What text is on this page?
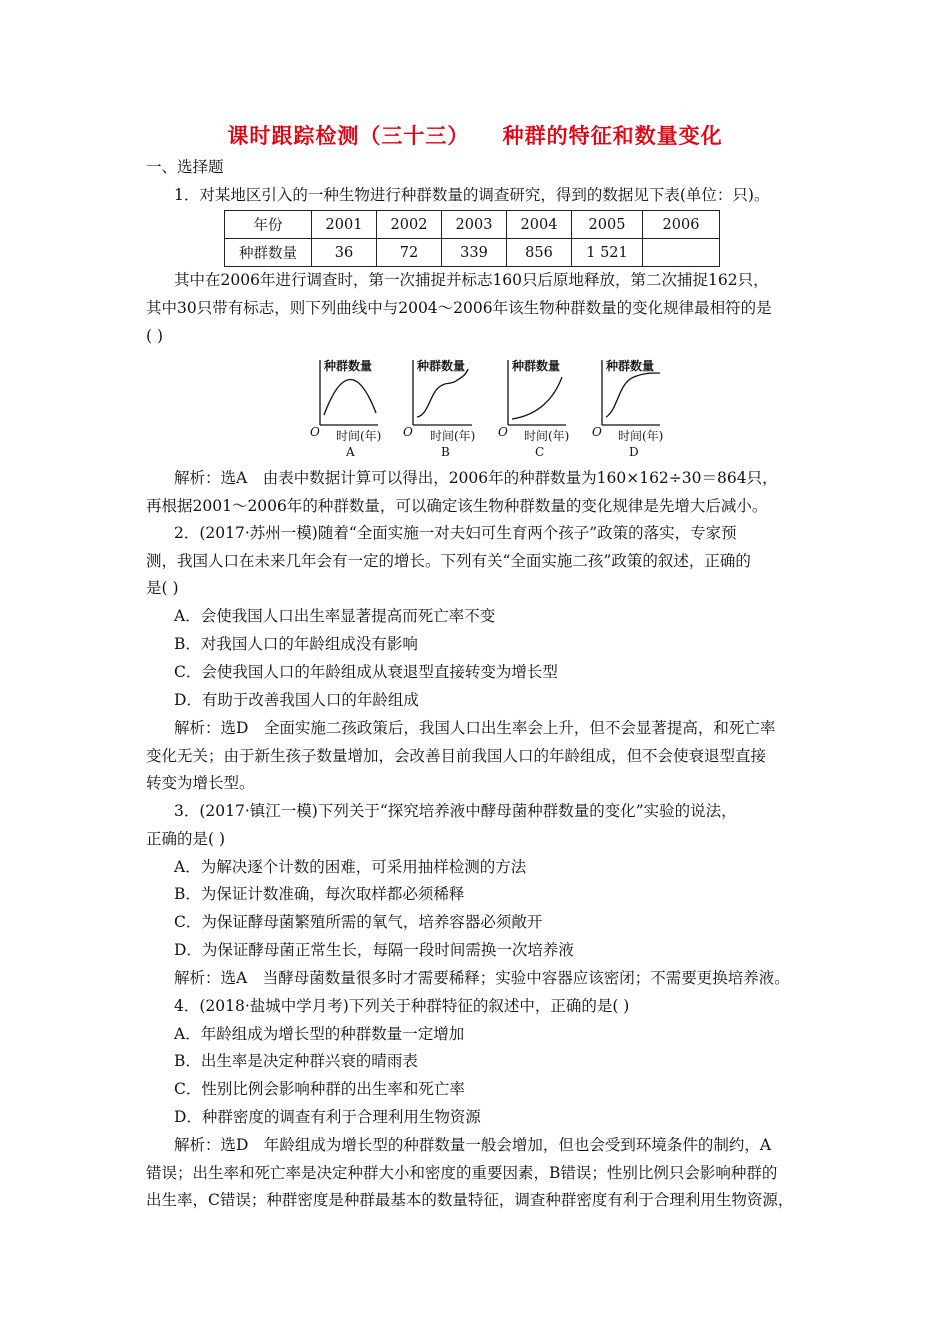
课时跟踪检测（三十三）    种群的特征和数量变化
一、选择题
1．对某地区引入的一种生物进行种群数量的调查研究，得到的数据见下表(单位：只)。
年份	2001	2002	2003	2004	2005	2006
种群数量	36	72	339	856	1 521	
其中在2006年进行调查时，第一次捕捉并标志160只后原地释放，第二次捕捉162只，
其中30只带有标志，则下列曲线中与2004～2006年该生物种群数量的变化规律最相符的是
( )
种群数量	种群数量	种群数量	种群数量
O	O	O	O
时间(年)	时间(年)	时间(年)	时间(年)
A	B	C	D
解析：选A　由表中数据计算可以得出，2006年的种群数量为160×162÷30＝864只，
再根据2001～2006年的种群数量，可以确定该生物种群数量的变化规律是先增大后减小。
2．(2017·苏州一模)随着“全面实施一对夫妇可生育两个孩子”政策的落实，专家预
测，我国人口在未来几年会有一定的增长。下列有关“全面实施二孩”政策的叙述，正确的
是( )
A．会使我国人口出生率显著提高而死亡率不变
B．对我国人口的年龄组成没有影响
C．会使我国人口的年龄组成从衰退型直接转变为增长型
D．有助于改善我国人口的年龄组成
解析：选D　全面实施二孩政策后，我国人口出生率会上升，但不会显著提高，和死亡率
变化无关；由于新生孩子数量增加，会改善目前我国人口的年龄组成，但不会使衰退型直接
转变为增长型。
3．(2017·镇江一模)下列关于“探究培养液中酵母菌种群数量的变化”实验的说法，
正确的是( )
A．为解决逐个计数的困难，可采用抽样检测的方法
B．为保证计数准确，每次取样都必须稀释
C．为保证酵母菌繁殖所需的氧气，培养容器必须敞开
D．为保证酵母菌正常生长，每隔一段时间需换一次培养液
解析：选A　当酵母菌数量很多时才需要稀释；实验中容器应该密闭；不需要更换培养液。
4．(2018·盐城中学月考)下列关于种群特征的叙述中，正确的是( )
A．年龄组成为增长型的种群数量一定增加
B．出生率是决定种群兴衰的晴雨表
C．性别比例会影响种群的出生率和死亡率
D．种群密度的调查有利于合理利用生物资源
解析：选D　年龄组成为增长型的种群数量一般会增加，但也会受到环境条件的制约，A
错误；出生率和死亡率是决定种群大小和密度的重要因素，B错误；性别比例只会影响种群的
出生率，C错误；种群密度是种群最基本的数量特征，调查种群密度有利于合理利用生物资源，
